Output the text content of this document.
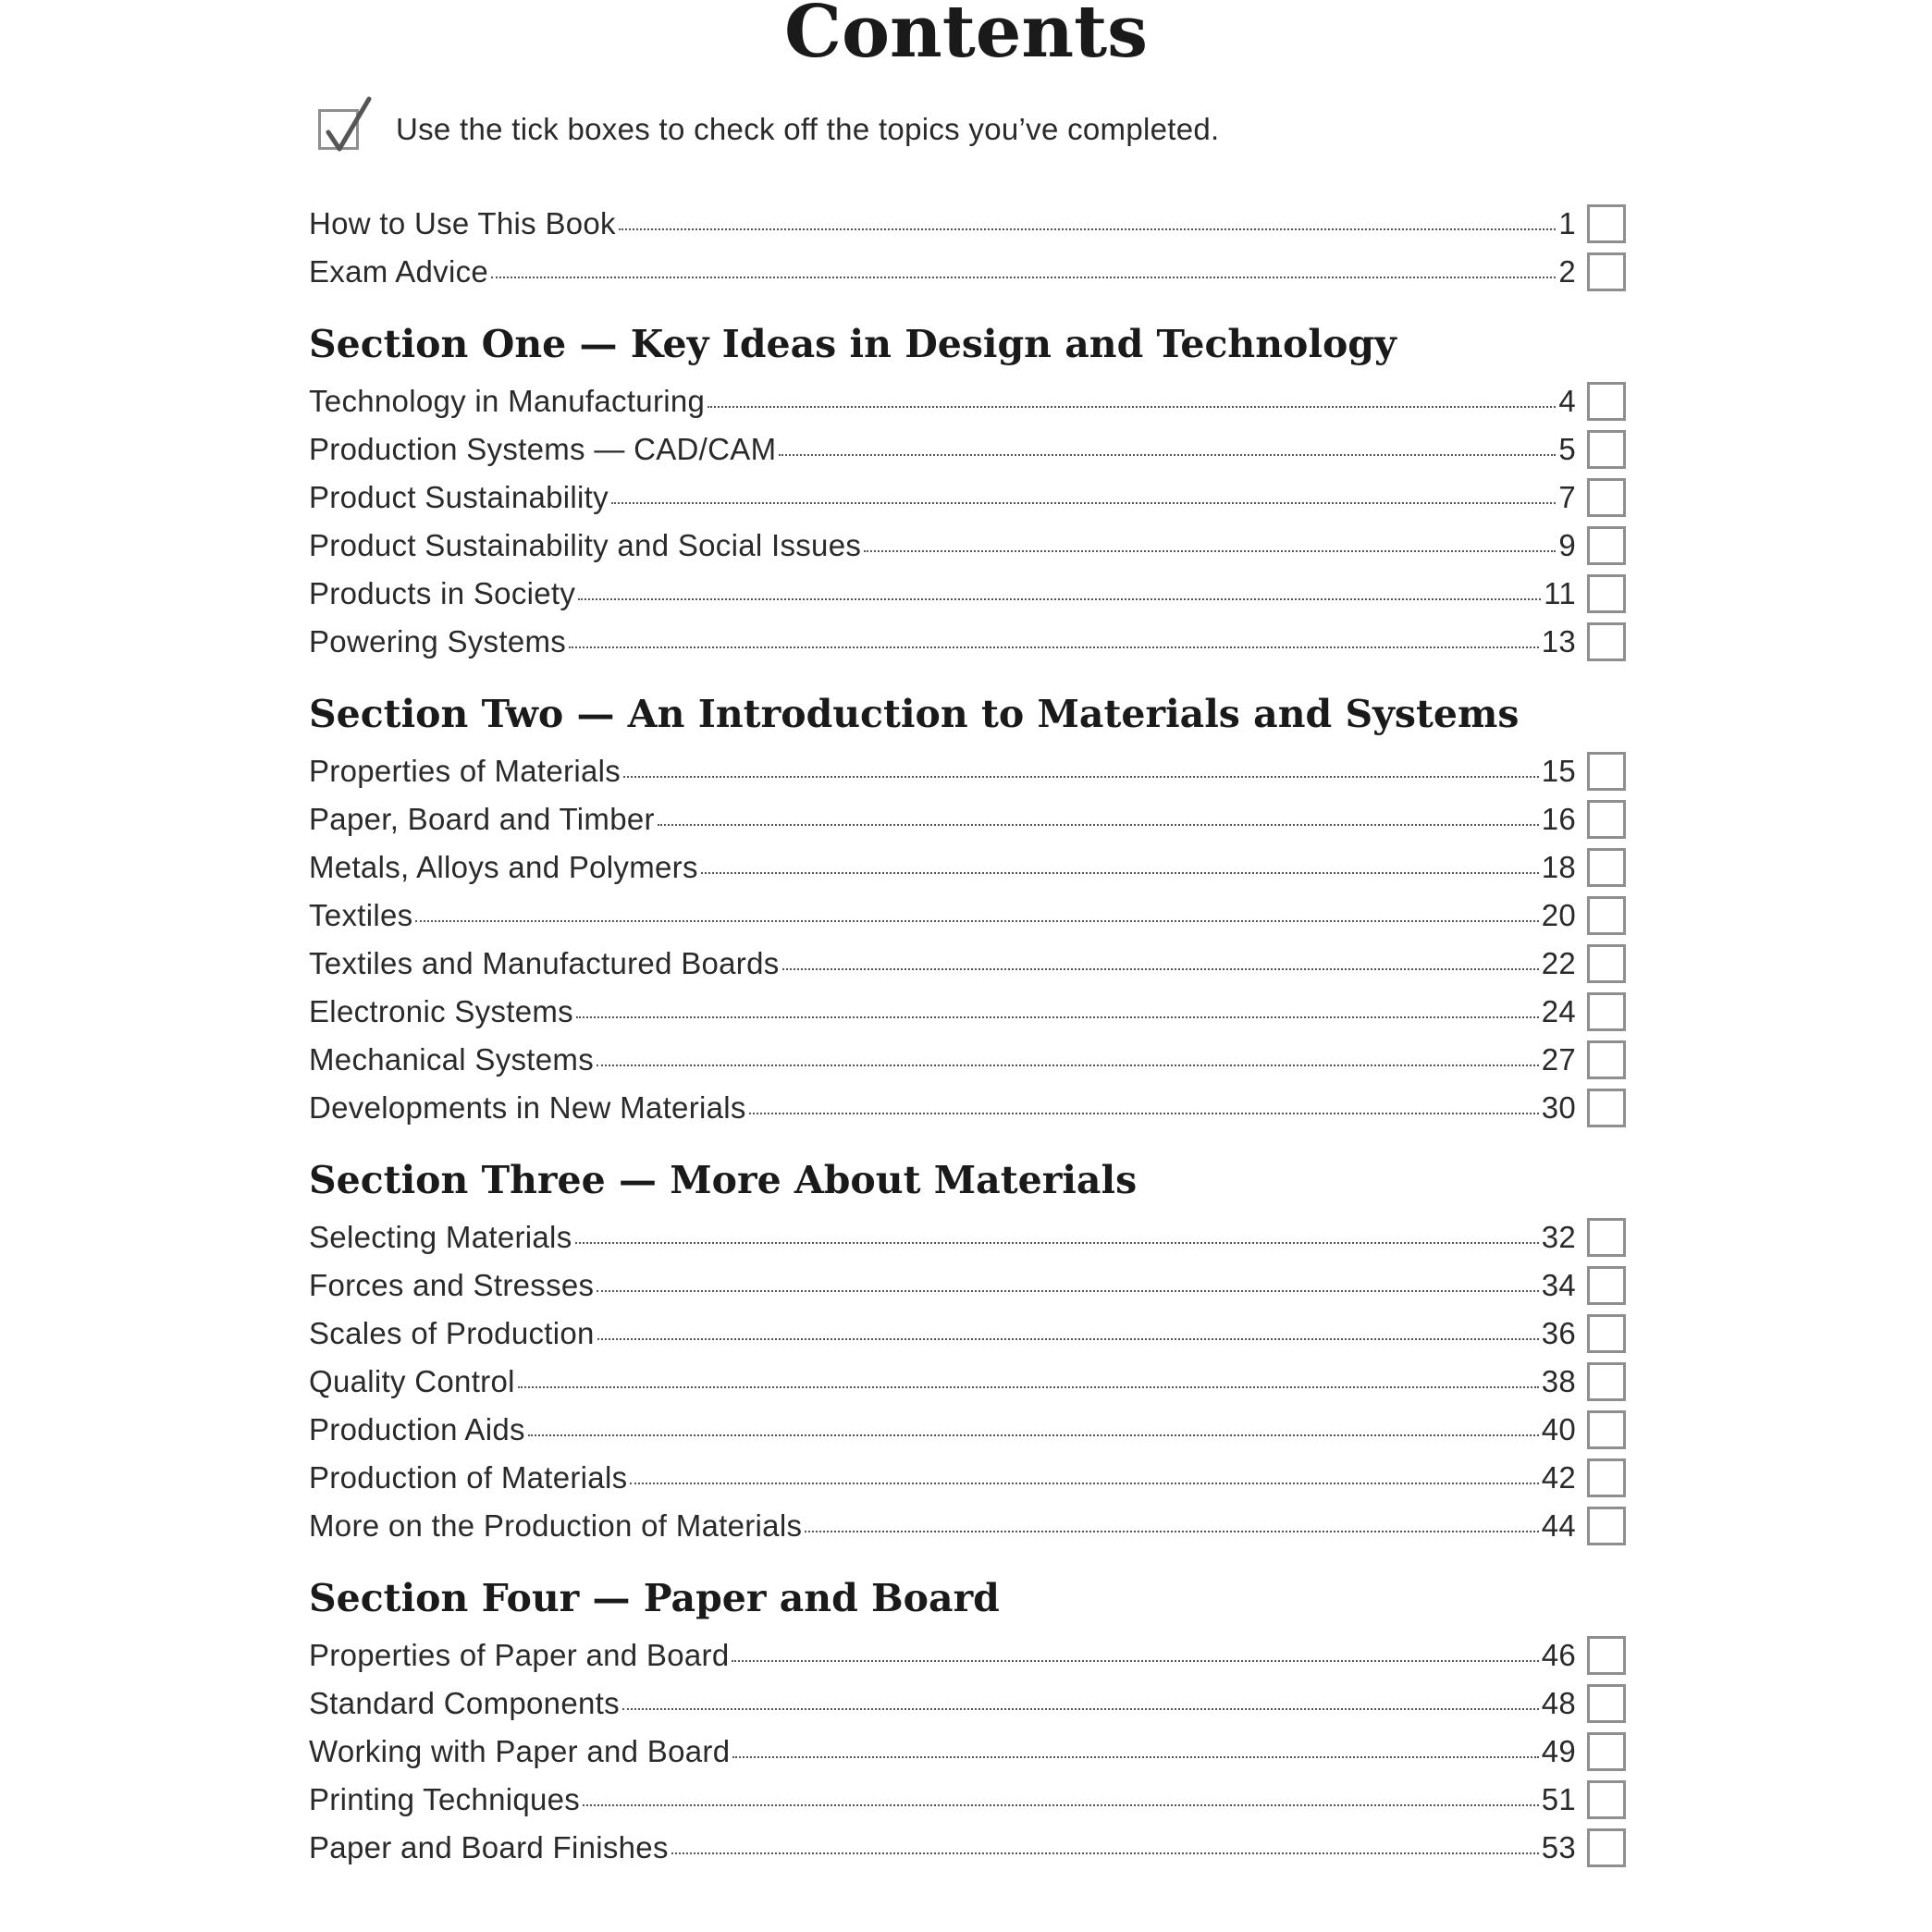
Contents
Use the tick boxes to check off the topics you’ve completed.
How to Use This Book	1
Exam Advice	2
Section One — Key Ideas in Design and Technology
Technology in Manufacturing	4
Production Systems — CAD/CAM	5
Product Sustainability	7
Product Sustainability and Social Issues	9
Products in Society	11
Powering Systems	13
Section Two — An Introduction to Materials and Systems
Properties of Materials	15
Paper, Board and Timber	16
Metals, Alloys and Polymers	18
Textiles	20
Textiles and Manufactured Boards	22
Electronic Systems	24
Mechanical Systems	27
Developments in New Materials	30
Section Three — More About Materials
Selecting Materials	32
Forces and Stresses	34
Scales of Production	36
Quality Control	38
Production Aids	40
Production of Materials	42
More on the Production of Materials	44
Section Four — Paper and Board
Properties of Paper and Board	46
Standard Components	48
Working with Paper and Board	49
Printing Techniques	51
Paper and Board Finishes	53
